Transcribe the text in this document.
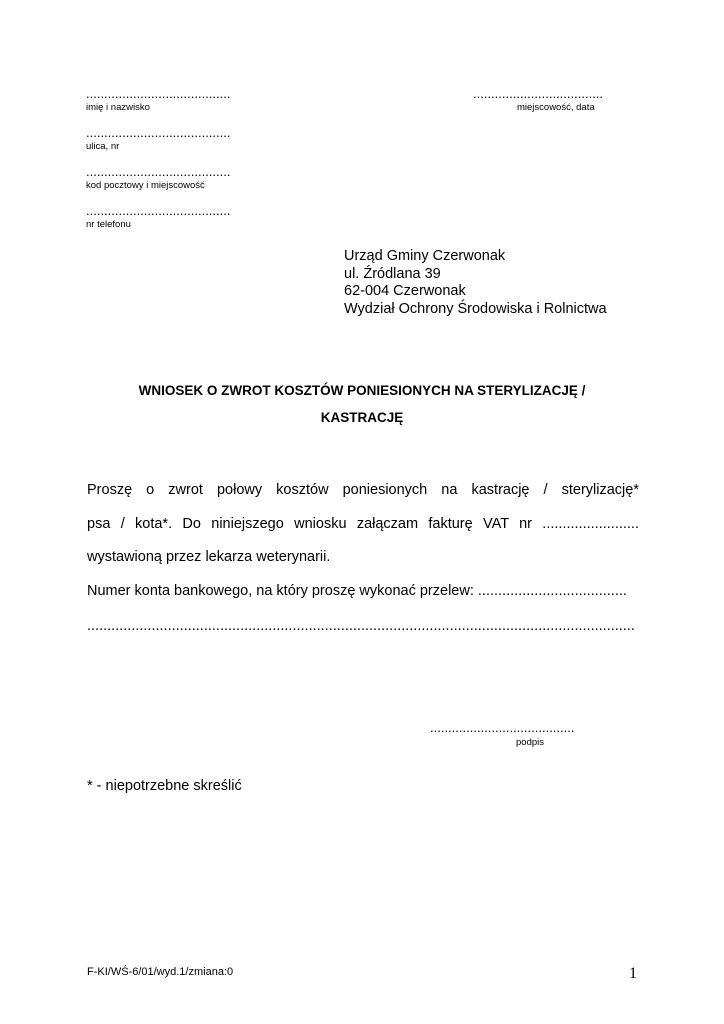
........................................
imię i nazwisko
........................................
ulica, nr
........................................
kod pocztowy i miejscowość
........................................
nr telefonu
....................................
miejscowość, data
Urząd Gminy Czerwonak
ul. Źródlana 39
62-004 Czerwonak
Wydział Ochrony Środowiska i Rolnictwa
WNIOSEK O ZWROT KOSZTÓW PONIESIONYCH NA STERYLIZACJĘ /
KASTRACJĘ
Proszę o zwrot połowy kosztów poniesionych na kastrację / sterylizację*
psa / kota*. Do niniejszego wniosku załączam fakturę VAT nr ........................
wystawioną przez lekarza weterynarii.
Numer konta bankowego, na który proszę wykonać przelew: .....................................
........................................................................................................................................
........................................
podpis
* - niepotrzebne skreślić
F-KI/WŚ-6/01/wyd.1/zmiana:0	1
